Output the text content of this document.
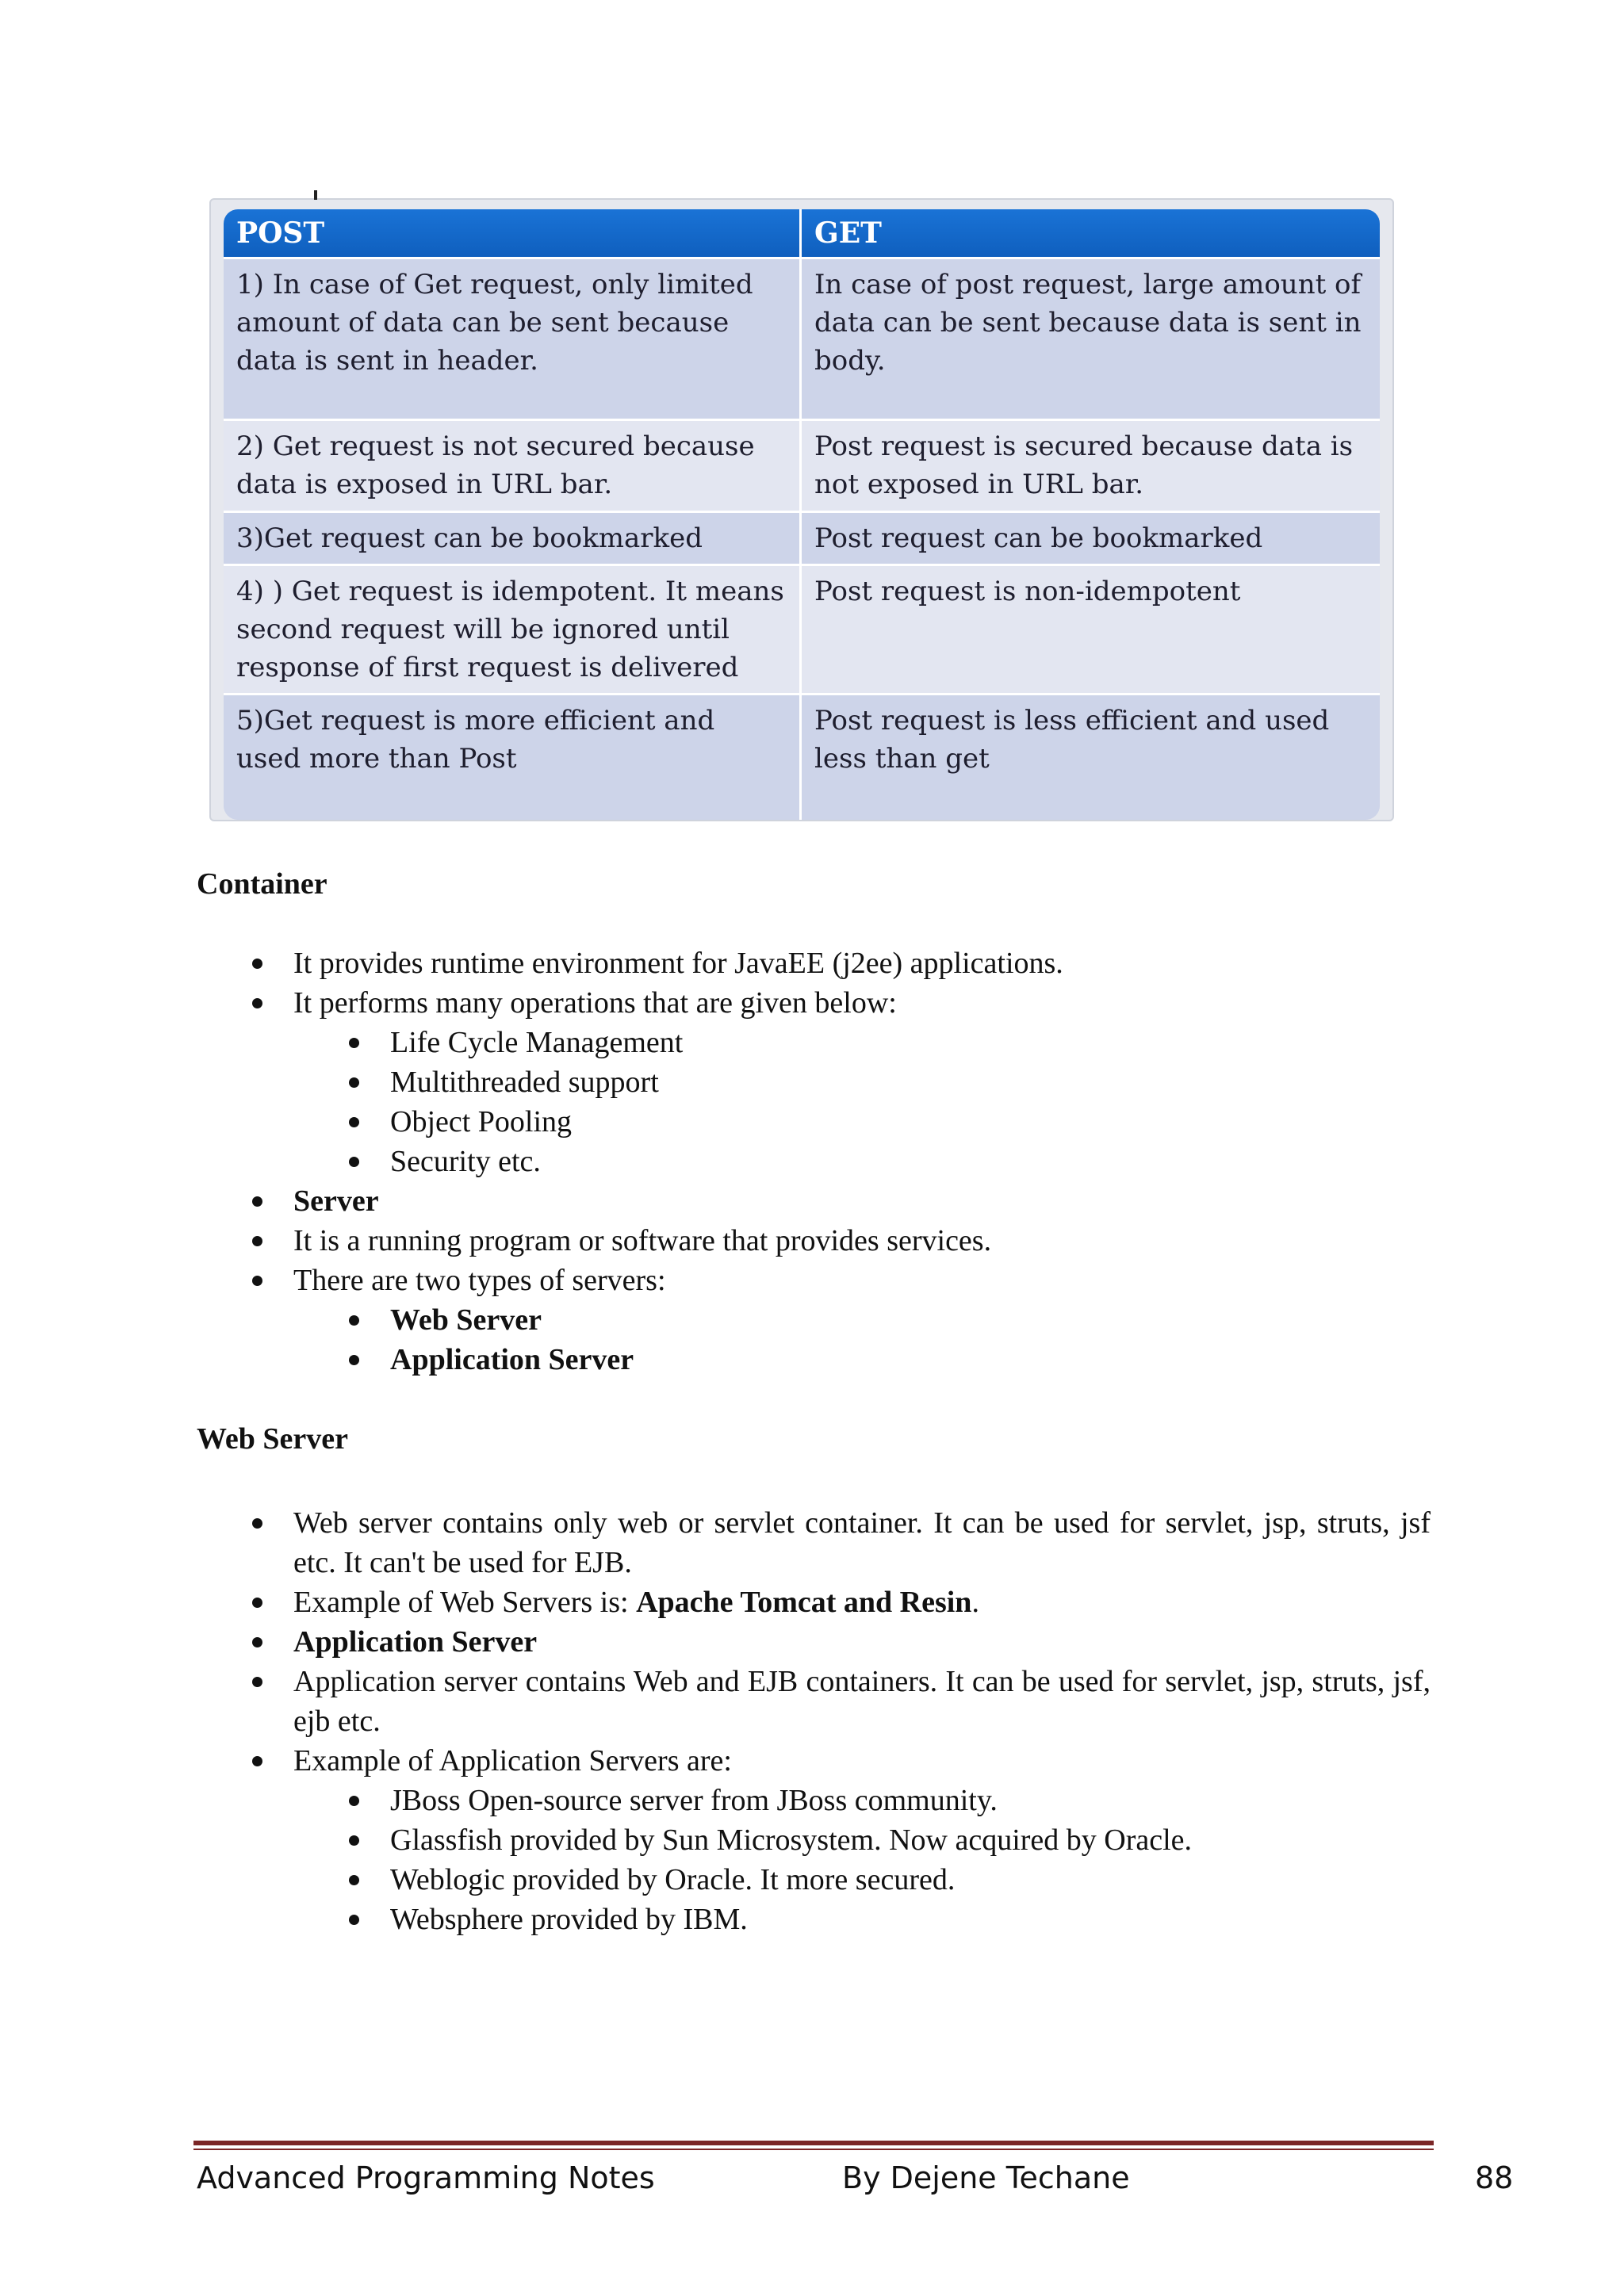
POST	GET
1) In case of Get request, only limited amount of data can be sent because data is sent in header.	In case of post request, large amount of data can be sent because data is sent in body.
2) Get request is not secured because data is exposed in URL bar.	Post request is secured because data is not exposed in URL bar.
3)Get request can be bookmarked	Post request can be bookmarked
4) ) Get request is idempotent. It means second request will be ignored until response of first request is delivered	Post request is non-idempotent
5)Get request is more efficient and used more than Post	Post request is less efficient and used less than get
Container
It provides runtime environment for JavaEE (j2ee) applications.
It performs many operations that are given below:
Life Cycle Management
Multithreaded support
Object Pooling
Security etc.
Server
It is a running program or software that provides services.
There are two types of servers:
Web Server
Application Server
Web Server
Web server contains only web or servlet container. It can be used for servlet, jsp, struts, jsf etc. It can't be used for EJB.
Example of Web Servers is: Apache Tomcat and Resin.
Application Server
Application server contains Web and EJB containers. It can be used for servlet, jsp, struts, jsf, ejb etc.
Example of Application Servers are:
JBoss Open-source server from JBoss community.
Glassfish provided by Sun Microsystem. Now acquired by Oracle.
Weblogic provided by Oracle. It more secured.
Websphere provided by IBM.
Advanced Programming Notes	By Dejene Techane	88
